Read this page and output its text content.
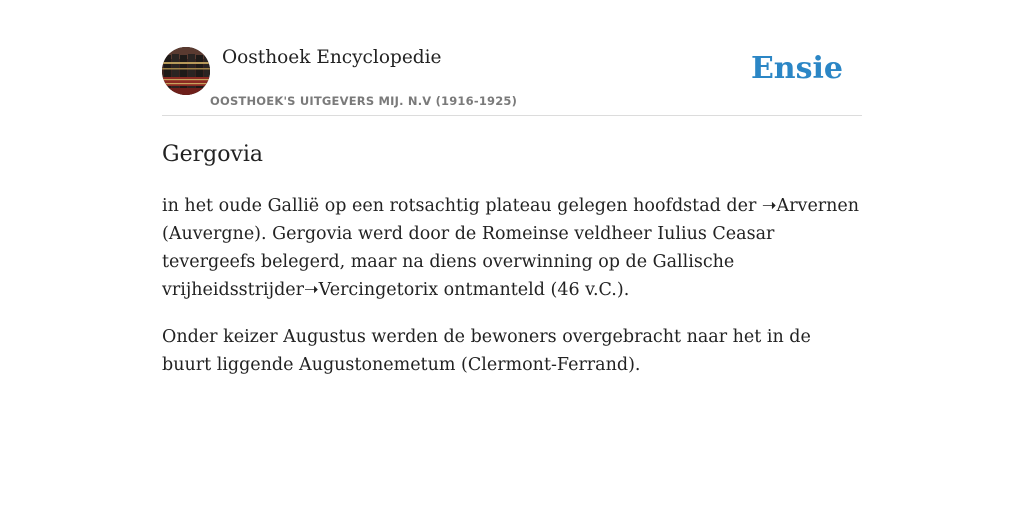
Oosthoek Encyclopedie
OOSTHOEK'S UITGEVERS MIJ. N.V (1916-1925)
Ensie
Gergovia

in het oude Gallië op een rotsachtig plateau gelegen hoofdstad der ➝Arvernen (Auvergne). Gergovia werd door de Romeinse veldheer Iulius Ceasar tevergeefs belegerd, maar na diens overwinning op de Gallische vrijheidsstrijder➝Vercingetorix ontmanteld (46 v.C.).

Onder keizer Augustus werden de bewoners overgebracht naar het in de buurt liggende Augustonemetum (Clermont-Ferrand).
